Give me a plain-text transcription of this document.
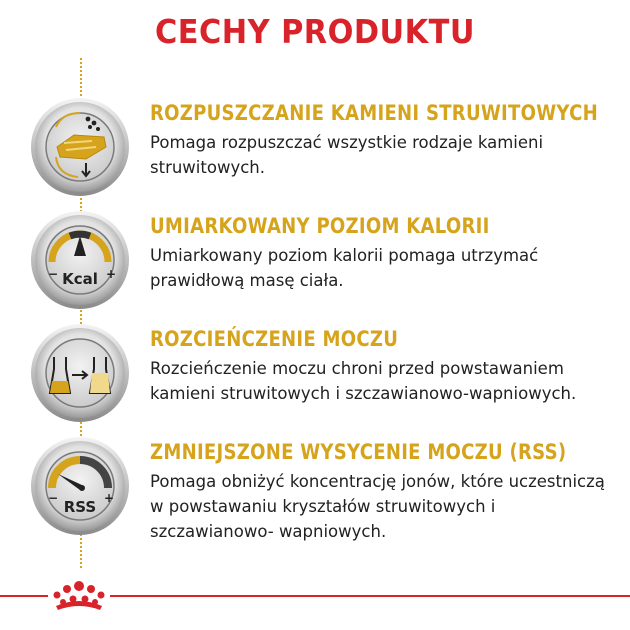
CECHY PRODUKTU
ROZPUSZCZANIE KAMIENI STRUWITOWYCH
Pomaga rozpuszczać wszystkie rodzaje kamieni struwitowych.
−	+
Kcal
UMIARKOWANY POZIOM KALORII
Umiarkowany poziom kalorii pomaga utrzymać prawidłową masę ciała.
ROZCIEŃCZENIE MOCZU
Rozcieńczenie moczu chroni przed powstawaniem kamieni struwitowych i szczawianowo-wapniowych.
−	+
RSS
ZMNIEJSZONE WYSYCENIE MOCZU (RSS)
Pomaga obniżyć koncentrację jonów, które uczestniczą w powstawaniu kryształów struwitowych i szczawianowo- wapniowych.
